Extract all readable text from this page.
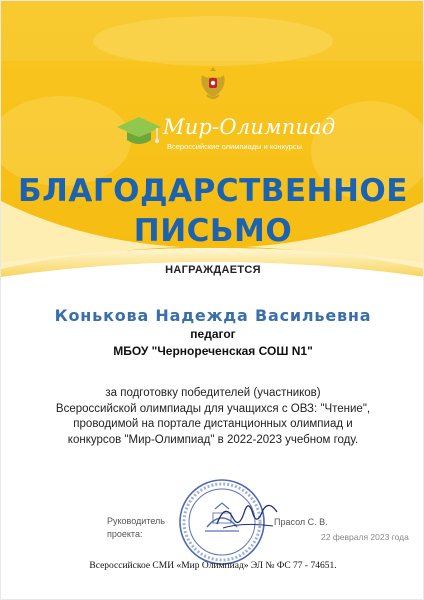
Мир-Олимпиад
Всероссийские олимпиады и конкурсы
БЛАГОДАРСТВЕННОЕ
ПИСЬМО
НАГРАЖДАЕТСЯ
Конькова Надежда Васильевна
педагог
МБОУ "Чернореченская СОШ N1"
за подготовку победителей (участников)
Всероссийской олимпиады для учащихся с ОВЗ: "Чтение",
проводимой на портале дистанционных олимпиад и
конкурсов "Мир-Олимпиад" в 2022-2023 учебном году.
Руководитель
проекта:
Прасол С. В.
22 февраля 2023 года
Всероссийское СМИ «Мир Олимпиад» ЭЛ № ФС 77 - 74651.
